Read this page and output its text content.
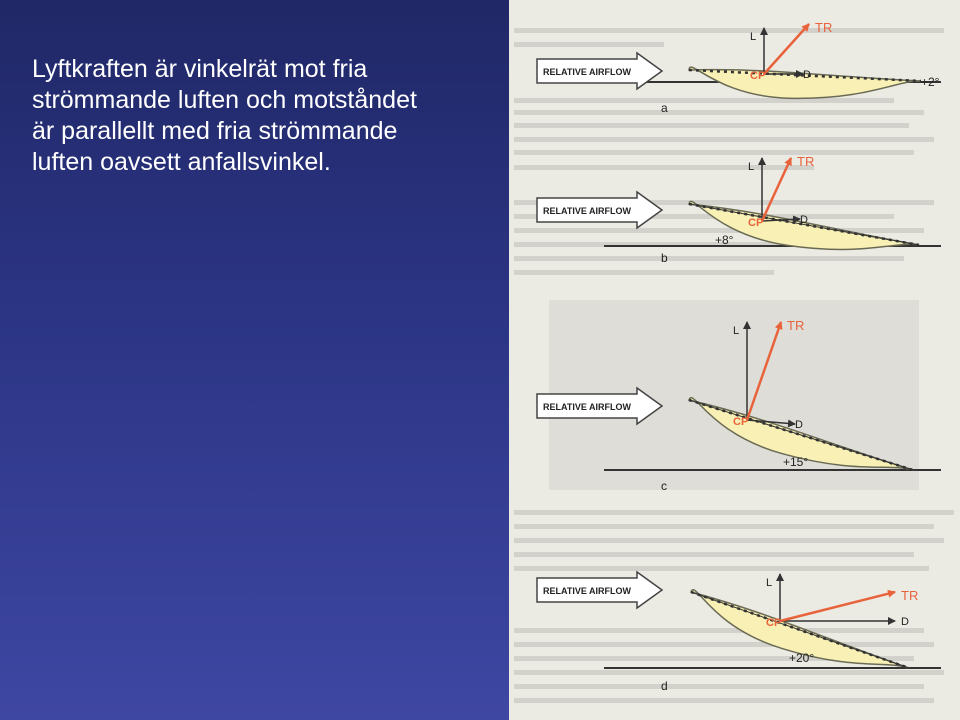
Lyftkraften är vinkelrät mot fria
strömmande luften och motståndet
är parallellt med fria strömmande
luften oavsett anfallsvinkel.

RELATIVE AIRFLOW
L
D
TR
CP	+2°
a
RELATIVE AIRFLOW
L
D
TR
CP
+8°
b
RELATIVE AIRFLOW
L
D
TR
CP
+15°
c
RELATIVE AIRFLOW
L
D
TR
CP
+20°
d
